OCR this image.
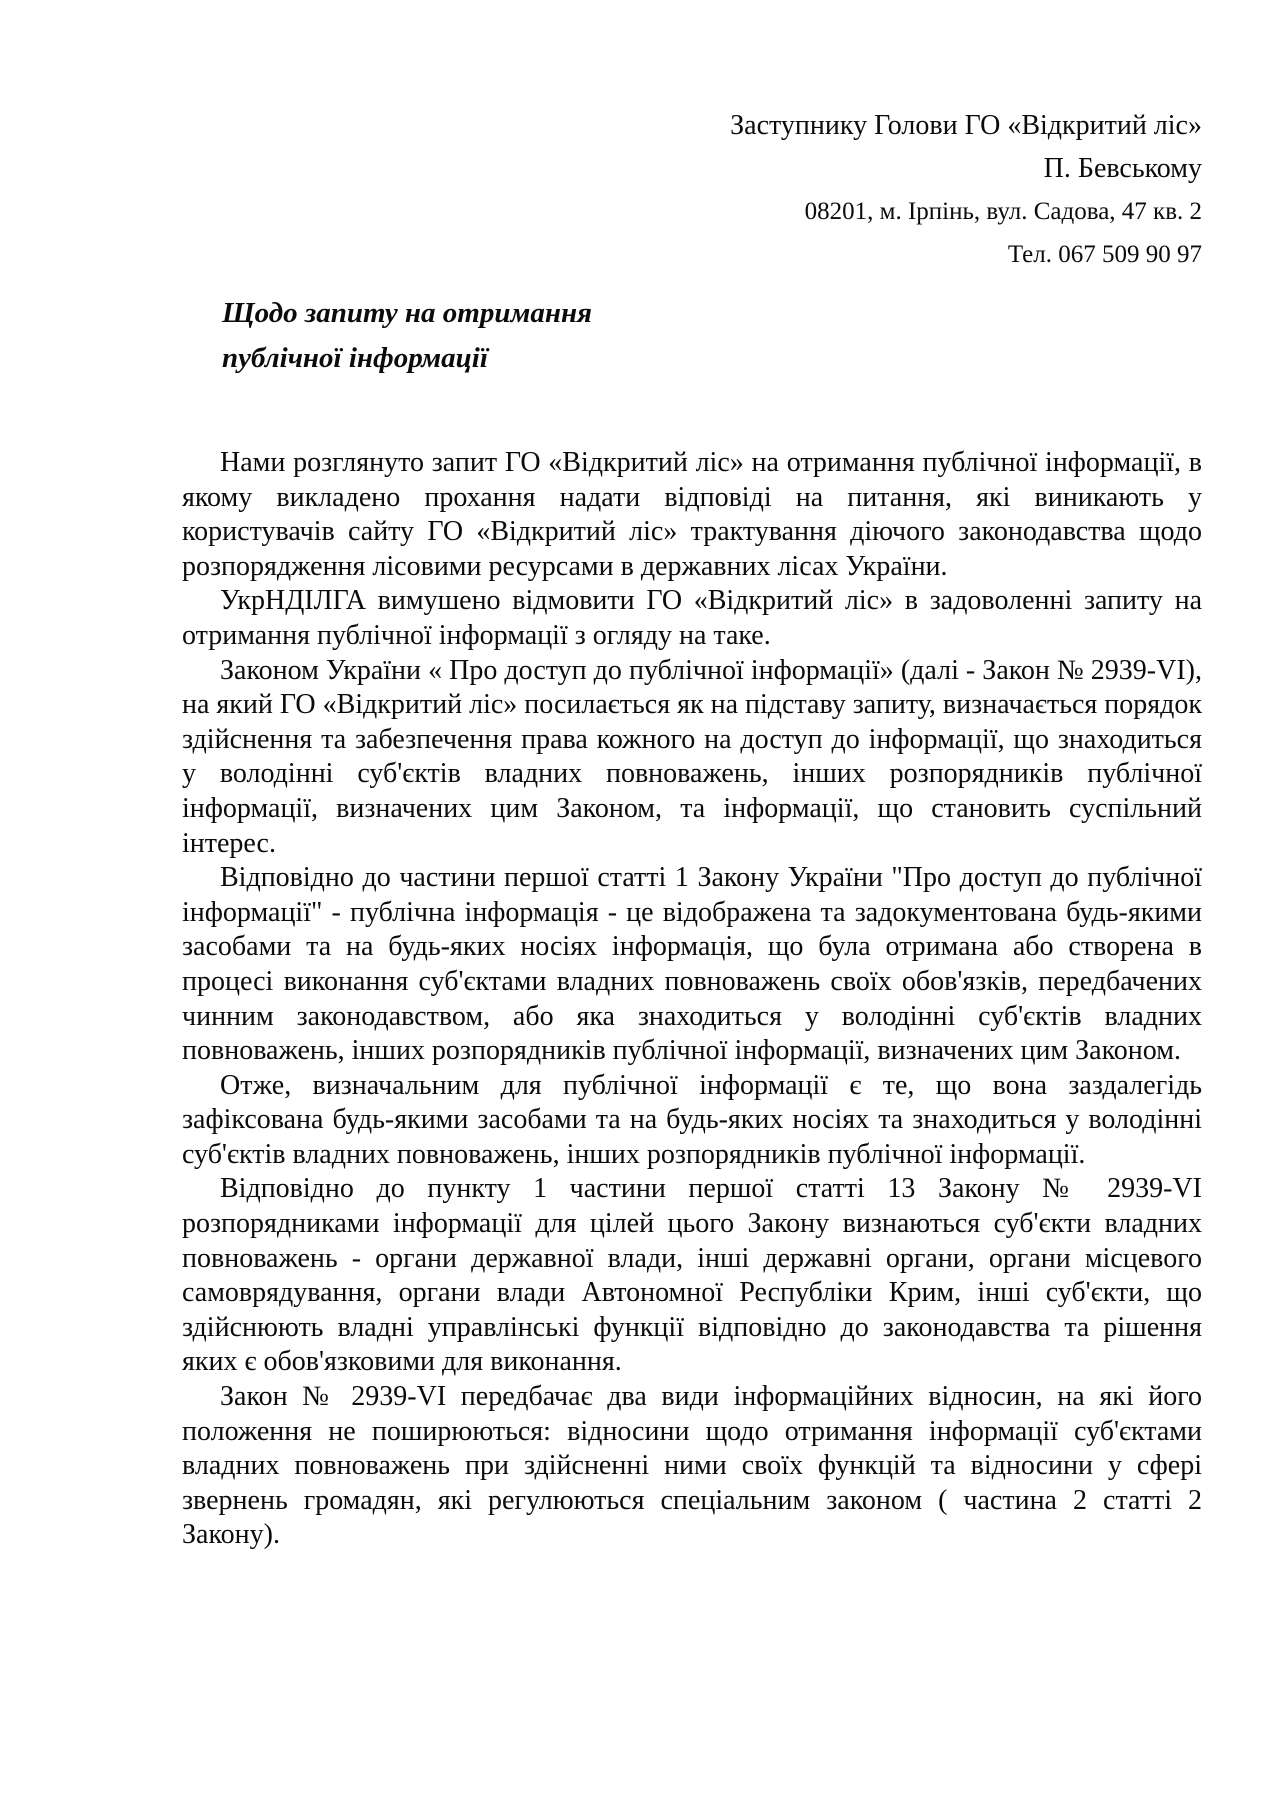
Заступнику Голови ГО «Відкритий ліс»
П. Бевському
08201, м. Ірпінь, вул. Садова, 47 кв. 2
Тел. 067 509 90 97
Щодо запиту на отримання
публічної інформації

Нами розглянуто запит ГО «Відкритий ліс» на отримання публічної інформації, в якому викладено прохання надати відповіді на питання, які виникають у користувачів сайту ГО «Відкритий ліс» трактування діючого законодавства щодо розпорядження лісовими ресурсами в державних лісах України.

УкрНДІЛГА вимушено відмовити ГО «Відкритий ліс» в задоволенні запиту на отримання публічної інформації з огляду на таке.

Законом України « Про доступ до публічної інформації» (далі - Закон № 2939-VI), на який ГО «Відкритий ліс» посилається як на підставу запиту, визначається порядок здійснення та забезпечення права кожного на доступ до інформації, що знаходиться у володінні суб'єктів владних повноважень, інших розпорядників публічної інформації, визначених цим Законом, та інформації, що становить суспільний інтерес.

Відповідно до частини першої статті 1 Закону України "Про доступ до публічної інформації" - публічна інформація - це відображена та задокументована будь-якими засобами та на будь-яких носіях інформація, що була отримана або створена в процесі виконання суб'єктами владних повноважень своїх обов'язків, передбачених чинним законодавством, або яка знаходиться у володінні суб'єктів владних повноважень, інших розпорядників публічної інформації, визначених цим Законом.

Отже, визначальним для публічної інформації є те, що вона заздалегідь зафіксована будь-якими засобами та на будь-яких носіях та знаходиться у володінні суб'єктів владних повноважень, інших розпорядників публічної інформації.

Відповідно до пункту 1 частини першої статті 13 Закону № 2939-VI розпорядниками інформації для цілей цього Закону визнаються суб'єкти владних повноважень - органи державної влади, інші державні органи, органи місцевого самоврядування, органи влади Автономної Республіки Крим, інші суб'єкти, що здійснюють владні управлінські функції відповідно до законодавства та рішення яких є обов'язковими для виконання.

Закон № 2939-VI передбачає два види інформаційних відносин, на які його положення не поширюються: відносини щодо отримання інформації суб'єктами владних повноважень при здійсненні ними своїх функцій та відносини у сфері звернень громадян, які регулюються спеціальним законом ( частина 2 статті 2 Закону).
